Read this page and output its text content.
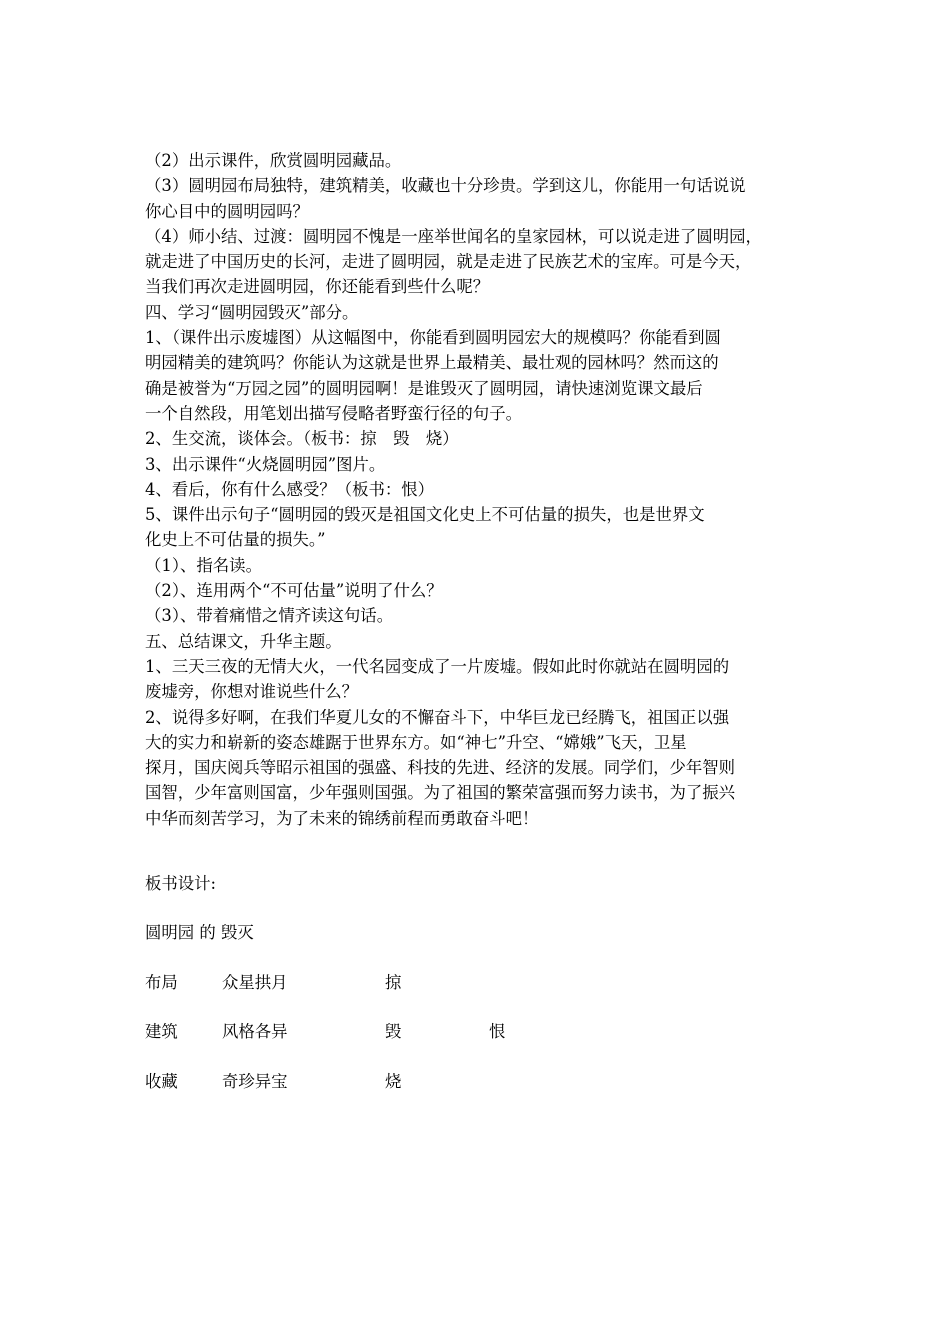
（2）出示课件，欣赏圆明园藏品。
（3）圆明园布局独特，建筑精美，收藏也十分珍贵。学到这儿，你能用一句话说说
你心目中的圆明园吗？
（4）师小结、过渡：圆明园不愧是一座举世闻名的皇家园林，可以说走进了圆明园，
就走进了中国历史的长河，走进了圆明园，就是走进了民族艺术的宝库。可是今天，
当我们再次走进圆明园，你还能看到些什么呢？
四、学习“圆明园毁灭”部分。
1、（课件出示废墟图）从这幅图中，你能看到圆明园宏大的规模吗？你能看到圆
明园精美的建筑吗？你能认为这就是世界上最精美、最壮观的园林吗？然而这的
确是被誉为“万园之园”的圆明园啊！是谁毁灭了圆明园，请快速浏览课文最后
一个自然段，用笔划出描写侵略者野蛮行径的句子。
2、生交流，谈体会。（板书：掠　毁　烧）
3、出示课件“火烧圆明园”图片。
4、看后，你有什么感受？（板书：恨）
5、课件出示句子“圆明园的毁灭是祖国文化史上不可估量的损失，也是世界文
化史上不可估量的损失。”
（1）、指名读。
（2）、连用两个“不可估量”说明了什么？
（3）、带着痛惜之情齐读这句话。
五、总结课文，升华主题。
1、三天三夜的无情大火，一代名园变成了一片废墟。假如此时你就站在圆明园的
废墟旁，你想对谁说些什么？
2、说得多好啊，在我们华夏儿女的不懈奋斗下，中华巨龙已经腾飞，祖国正以强
大的实力和崭新的姿态雄踞于世界东方。如“神七”升空、“嫦娥”飞天，卫星
探月，国庆阅兵等昭示祖国的强盛、科技的先进、经济的发展。同学们，少年智则
国智，少年富则国富，少年强则国强。为了祖国的繁荣富强而努力读书，为了振兴
中华而刻苦学习，为了未来的锦绣前程而勇敢奋斗吧！
板书设计:
圆明园 的 毁灭
布局	众星拱月	掠
建筑	风格各异	毁	恨
收藏	奇珍异宝	烧
